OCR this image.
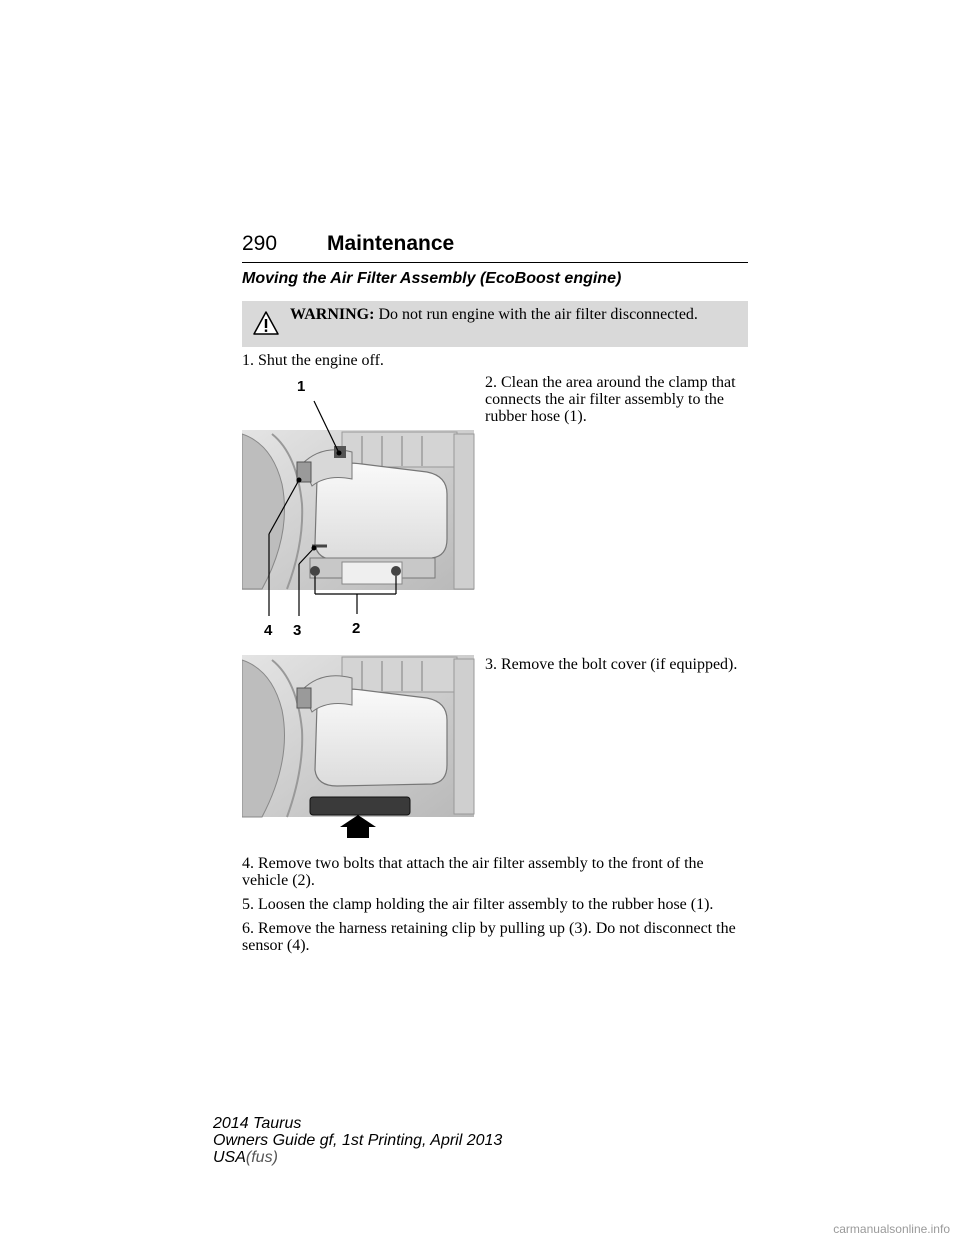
290 Maintenance
Moving the Air Filter Assembly (EcoBoost engine)
WARNING: Do not run engine with the air filter disconnected.
1. Shut the engine off.
2. Clean the area around the clamp that connects the air filter assembly to the rubber hose (1).
1
2
3
4
3. Remove the bolt cover (if equipped).
4. Remove two bolts that attach the air filter assembly to the front of the vehicle (2).
5. Loosen the clamp holding the air filter assembly to the rubber hose (1).
6. Remove the harness retaining clip by pulling up (3). Do not disconnect the sensor (4).
2014 Taurus
Owners Guide gf, 1st Printing, April 2013
USA(fus)
carmanualsonline.info
